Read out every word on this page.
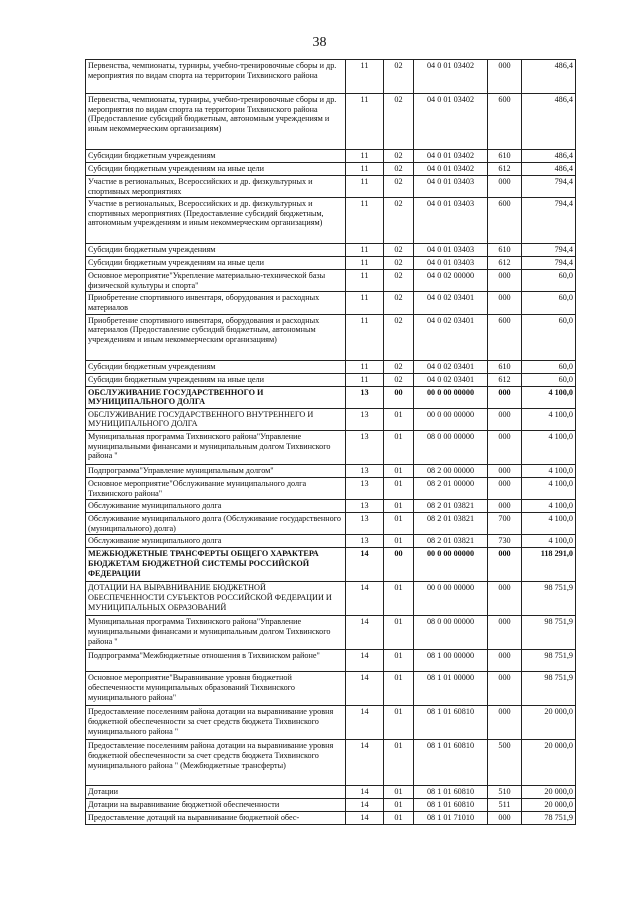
38
Первенства, чемпионаты, турниры, учебно-тренировочные сборы и др. мероприятия по видам спорта на территории Тихвинского района	11	02	04 0 01 03402	000	486,4
Первенства, чемпионаты, турниры, учебно-тренировочные сборы и др. мероприятия по видам спорта на территории Тихвинского района (Предоставление субсидий бюджетным, автономным учреждениям и иным некоммерческим организациям)	11	02	04 0 01 03402	600	486,4
Субсидии бюджетным учреждениям	11	02	04 0 01 03402	610	486,4
Субсидии бюджетным учреждениям на иные цели	11	02	04 0 01 03402	612	486,4
Участие в региональных, Всероссийских и др. физкультурных и спортивных мероприятиях	11	02	04 0 01 03403	000	794,4
Участие в региональных, Всероссийских и др. физкультурных и спортивных мероприятиях (Предоставление субсидий бюджетным, автономным учреждениям и иным некоммерческим организациям)	11	02	04 0 01 03403	600	794,4
Субсидии бюджетным учреждениям	11	02	04 0 01 03403	610	794,4
Субсидии бюджетным учреждениям на иные цели	11	02	04 0 01 03403	612	794,4
Основное мероприятие"Укрепление материально-технической базы физической культуры и спорта"	11	02	04 0 02 00000	000	60,0
Приобретение спортивного инвентаря, оборудования и расходных материалов	11	02	04 0 02 03401	000	60,0
Приобретение спортивного инвентаря, оборудования и расходных материалов (Предоставление субсидий бюджетным, автономным учреждениям и иным некоммерческим организациям)	11	02	04 0 02 03401	600	60,0
Субсидии бюджетным учреждениям	11	02	04 0 02 03401	610	60,0
Субсидии бюджетным учреждениям на иные цели	11	02	04 0 02 03401	612	60,0
ОБСЛУЖИВАНИЕ ГОСУДАРСТВЕННОГО И МУНИЦИПАЛЬНОГО ДОЛГА	13	00	00 0 00 00000	000	4 100,0
ОБСЛУЖИВАНИЕ ГОСУДАРСТВЕННОГО ВНУТРЕННЕГО И МУНИЦИПАЛЬНОГО ДОЛГА	13	01	00 0 00 00000	000	4 100,0
Муниципальная программа Тихвинского района"Управление муниципальными финансами и муниципальным долгом Тихвинского района "	13	01	08 0 00 00000	000	4 100,0
Подпрограмма"Управление муниципальным долгом"	13	01	08 2 00 00000	000	4 100,0
Основное мероприятие"Обслуживание муниципального долга Тихвинского района"	13	01	08 2 01 00000	000	4 100,0
Обслуживание муниципального долга	13	01	08 2 01 03821	000	4 100,0
Обслуживание муниципального долга (Обслуживание государственного (муниципального) долга)	13	01	08 2 01 03821	700	4 100,0
Обслуживание муниципального долга	13	01	08 2 01 03821	730	4 100,0
МЕЖБЮДЖЕТНЫЕ ТРАНСФЕРТЫ ОБЩЕГО ХАРАКТЕРА БЮДЖЕТАМ БЮДЖЕТНОЙ СИСТЕМЫ РОССИЙСКОЙ ФЕДЕРАЦИИ	14	00	00 0 00 00000	000	118 291,0
ДОТАЦИИ НА ВЫРАВНИВАНИЕ БЮДЖЕТНОЙ ОБЕСПЕЧЕННОСТИ СУБЪЕКТОВ РОССИЙСКОЙ ФЕДЕРАЦИИ И МУНИЦИПАЛЬНЫХ ОБРАЗОВАНИЙ	14	01	00 0 00 00000	000	98 751,9
Муниципальная программа Тихвинского района"Управление муниципальными финансами и муниципальным долгом Тихвинского района "	14	01	08 0 00 00000	000	98 751,9
Подпрограмма"Межбюджетные отношения в Тихвинском районе"	14	01	08 1 00 00000	000	98 751,9
Основное мероприятие"Выравнивание уровня бюджетной обеспеченности муниципальных образований Тихвинского муниципального района"	14	01	08 1 01 00000	000	98 751,9
Предоставление поселениям района дотации на выравнивание уровня бюджетной обеспеченности за счет средств бюджета Тихвинского муниципального района "	14	01	08 1 01 60810	000	20 000,0
Предоставление поселениям района дотации на выравнивание уровня бюджетной обеспеченности за счет средств бюджета Тихвинского муниципального района " (Межбюджетные трансферты)	14	01	08 1 01 60810	500	20 000,0
Дотации	14	01	08 1 01 60810	510	20 000,0
Дотации на выравнивание бюджетной обеспеченности	14	01	08 1 01 60810	511	20 000,0
Предоставление дотаций на выравнивание бюджетной обес-	14	01	08 1 01 71010	000	78 751,9
